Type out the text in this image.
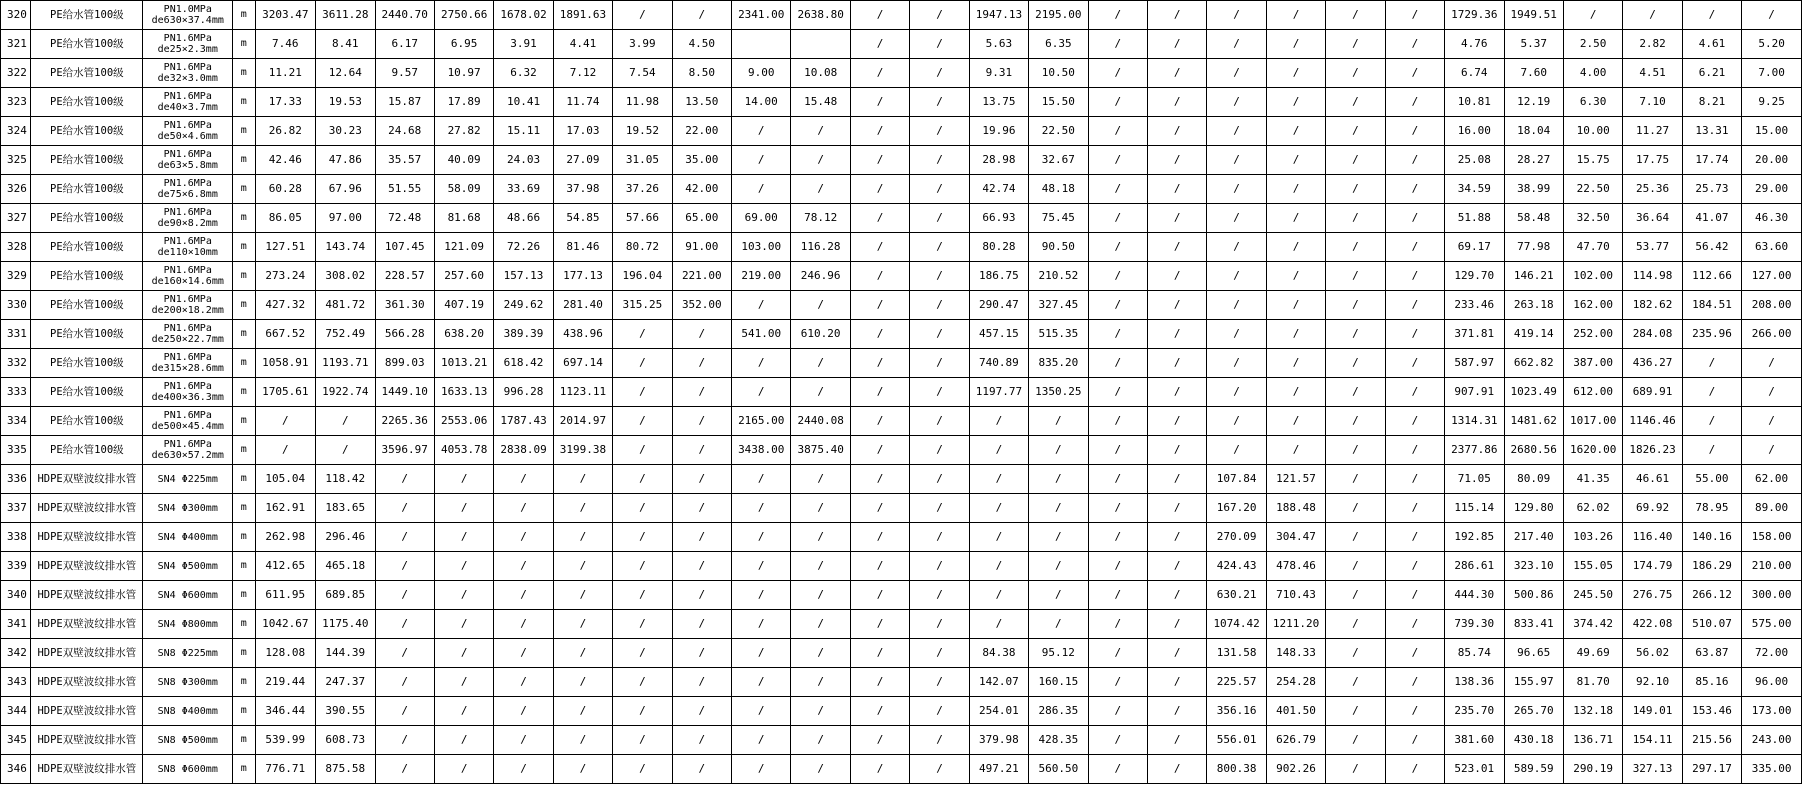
320	PE给水管100级	PN1.0MPa de630×37.4mm	m	3203.47	3611.28	2440.70	2750.66	1678.02	1891.63	/	/	2341.00	2638.80	/	/	1947.13	2195.00	/	/	/	/	/	/	1729.36	1949.51	/	/	/	/
321	PE给水管100级	PN1.6MPa de25×2.3mm	m	7.46	8.41	6.17	6.95	3.91	4.41	3.99	4.50			/	/	5.63	6.35	/	/	/	/	/	/	4.76	5.37	2.50	2.82	4.61	5.20
322	PE给水管100级	PN1.6MPa de32×3.0mm	m	11.21	12.64	9.57	10.97	6.32	7.12	7.54	8.50	9.00	10.08	/	/	9.31	10.50	/	/	/	/	/	/	6.74	7.60	4.00	4.51	6.21	7.00
323	PE给水管100级	PN1.6MPa de40×3.7mm	m	17.33	19.53	15.87	17.89	10.41	11.74	11.98	13.50	14.00	15.48	/	/	13.75	15.50	/	/	/	/	/	/	10.81	12.19	6.30	7.10	8.21	9.25
324	PE给水管100级	PN1.6MPa de50×4.6mm	m	26.82	30.23	24.68	27.82	15.11	17.03	19.52	22.00	/	/	/	/	19.96	22.50	/	/	/	/	/	/	16.00	18.04	10.00	11.27	13.31	15.00
325	PE给水管100级	PN1.6MPa de63×5.8mm	m	42.46	47.86	35.57	40.09	24.03	27.09	31.05	35.00	/	/	/	/	28.98	32.67	/	/	/	/	/	/	25.08	28.27	15.75	17.75	17.74	20.00
326	PE给水管100级	PN1.6MPa de75×6.8mm	m	60.28	67.96	51.55	58.09	33.69	37.98	37.26	42.00	/	/	/	/	42.74	48.18	/	/	/	/	/	/	34.59	38.99	22.50	25.36	25.73	29.00
327	PE给水管100级	PN1.6MPa de90×8.2mm	m	86.05	97.00	72.48	81.68	48.66	54.85	57.66	65.00	69.00	78.12	/	/	66.93	75.45	/	/	/	/	/	/	51.88	58.48	32.50	36.64	41.07	46.30
328	PE给水管100级	PN1.6MPa de110×10mm	m	127.51	143.74	107.45	121.09	72.26	81.46	80.72	91.00	103.00	116.28	/	/	80.28	90.50	/	/	/	/	/	/	69.17	77.98	47.70	53.77	56.42	63.60
329	PE给水管100级	PN1.6MPa de160×14.6mm	m	273.24	308.02	228.57	257.60	157.13	177.13	196.04	221.00	219.00	246.96	/	/	186.75	210.52	/	/	/	/	/	/	129.70	146.21	102.00	114.98	112.66	127.00
330	PE给水管100级	PN1.6MPa de200×18.2mm	m	427.32	481.72	361.30	407.19	249.62	281.40	315.25	352.00	/	/	/	/	290.47	327.45	/	/	/	/	/	/	233.46	263.18	162.00	182.62	184.51	208.00
331	PE给水管100级	PN1.6MPa de250×22.7mm	m	667.52	752.49	566.28	638.20	389.39	438.96	/	/	541.00	610.20	/	/	457.15	515.35	/	/	/	/	/	/	371.81	419.14	252.00	284.08	235.96	266.00
332	PE给水管100级	PN1.6MPa de315×28.6mm	m	1058.91	1193.71	899.03	1013.21	618.42	697.14	/	/	/	/	/	/	740.89	835.20	/	/	/	/	/	/	587.97	662.82	387.00	436.27	/	/
333	PE给水管100级	PN1.6MPa de400×36.3mm	m	1705.61	1922.74	1449.10	1633.13	996.28	1123.11	/	/	/	/	/	/	1197.77	1350.25	/	/	/	/	/	/	907.91	1023.49	612.00	689.91	/	/
334	PE给水管100级	PN1.6MPa de500×45.4mm	m	/	/	2265.36	2553.06	1787.43	2014.97	/	/	2165.00	2440.08	/	/	/	/	/	/	/	/	/	/	1314.31	1481.62	1017.00	1146.46	/	/
335	PE给水管100级	PN1.6MPa de630×57.2mm	m	/	/	3596.97	4053.78	2838.09	3199.38	/	/	3438.00	3875.40	/	/	/	/	/	/	/	/	/	/	2377.86	2680.56	1620.00	1826.23	/	/
336	HDPE双壁波纹排水管	SN4 Φ225mm	m	105.04	118.42	/	/	/	/	/	/	/	/	/	/	/	/	/	/	107.84	121.57	/	/	71.05	80.09	41.35	46.61	55.00	62.00
337	HDPE双壁波纹排水管	SN4 Φ300mm	m	162.91	183.65	/	/	/	/	/	/	/	/	/	/	/	/	/	/	167.20	188.48	/	/	115.14	129.80	62.02	69.92	78.95	89.00
338	HDPE双壁波纹排水管	SN4 Φ400mm	m	262.98	296.46	/	/	/	/	/	/	/	/	/	/	/	/	/	/	270.09	304.47	/	/	192.85	217.40	103.26	116.40	140.16	158.00
339	HDPE双壁波纹排水管	SN4 Φ500mm	m	412.65	465.18	/	/	/	/	/	/	/	/	/	/	/	/	/	/	424.43	478.46	/	/	286.61	323.10	155.05	174.79	186.29	210.00
340	HDPE双壁波纹排水管	SN4 Φ600mm	m	611.95	689.85	/	/	/	/	/	/	/	/	/	/	/	/	/	/	630.21	710.43	/	/	444.30	500.86	245.50	276.75	266.12	300.00
341	HDPE双壁波纹排水管	SN4 Φ800mm	m	1042.67	1175.40	/	/	/	/	/	/	/	/	/	/	/	/	/	/	1074.42	1211.20	/	/	739.30	833.41	374.42	422.08	510.07	575.00
342	HDPE双壁波纹排水管	SN8 Φ225mm	m	128.08	144.39	/	/	/	/	/	/	/	/	/	/	84.38	95.12	/	/	131.58	148.33	/	/	85.74	96.65	49.69	56.02	63.87	72.00
343	HDPE双壁波纹排水管	SN8 Φ300mm	m	219.44	247.37	/	/	/	/	/	/	/	/	/	/	142.07	160.15	/	/	225.57	254.28	/	/	138.36	155.97	81.70	92.10	85.16	96.00
344	HDPE双壁波纹排水管	SN8 Φ400mm	m	346.44	390.55	/	/	/	/	/	/	/	/	/	/	254.01	286.35	/	/	356.16	401.50	/	/	235.70	265.70	132.18	149.01	153.46	173.00
345	HDPE双壁波纹排水管	SN8 Φ500mm	m	539.99	608.73	/	/	/	/	/	/	/	/	/	/	379.98	428.35	/	/	556.01	626.79	/	/	381.60	430.18	136.71	154.11	215.56	243.00
346	HDPE双壁波纹排水管	SN8 Φ600mm	m	776.71	875.58	/	/	/	/	/	/	/	/	/	/	497.21	560.50	/	/	800.38	902.26	/	/	523.01	589.59	290.19	327.13	297.17	335.00
